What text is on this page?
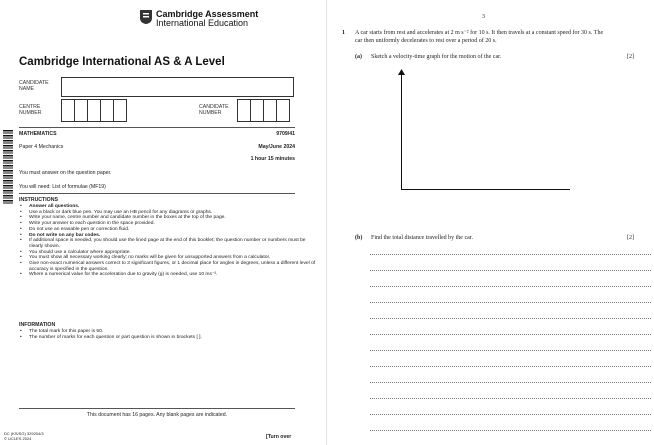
Cambridge Assessment
International Education
Cambridge International AS & A Level
CANDIDATE NAME
CENTRE NUMBER
CANDIDATE NUMBER
MATHEMATICS	9709/41
Paper 4 Mechanics	May/June 2024
1 hour 15 minutes
You must answer on the question paper.
You will need: List of formulae (MF19)
INSTRUCTIONS
• Answer all questions.
• Use a black or dark blue pen. You may use an HB pencil for any diagrams or graphs.
• Write your name, centre number and candidate number in the boxes at the top of the page.
• Write your answer to each question in the space provided.
• Do not use an erasable pen or correction fluid.
• Do not write on any bar codes.
• If additional space is needed, you should use the lined page at the end of this booklet; the question number or numbers must be clearly shown.
• You should use a calculator where appropriate.
• You must show all necessary working clearly; no marks will be given for unsupported answers from a calculator.
• Give non-exact numerical answers correct to 3 significant figures, or 1 decimal place for angles in degrees, unless a different level of accuracy is specified in the question.
• Where a numerical value for the acceleration due to gravity (g) is needed, use 10 ms⁻².
INFORMATION
• The total mark for this paper is 50.
• The number of marks for each question or part question is shown in brackets [ ].
This document has 16 pages. Any blank pages are indicated.
DC (KS/SG) 329204/3
© UCLES 2024	[Turn over
3
1 A car starts from rest and accelerates at 2 m s⁻² for 10 s. It then travels at a constant speed for 30 s. The
car then uniformly decelerates to rest over a period of 20 s.
(a) Sketch a velocity-time graph for the motion of the car.	[2]
(b) Find the total distance travelled by the car.	[2]
